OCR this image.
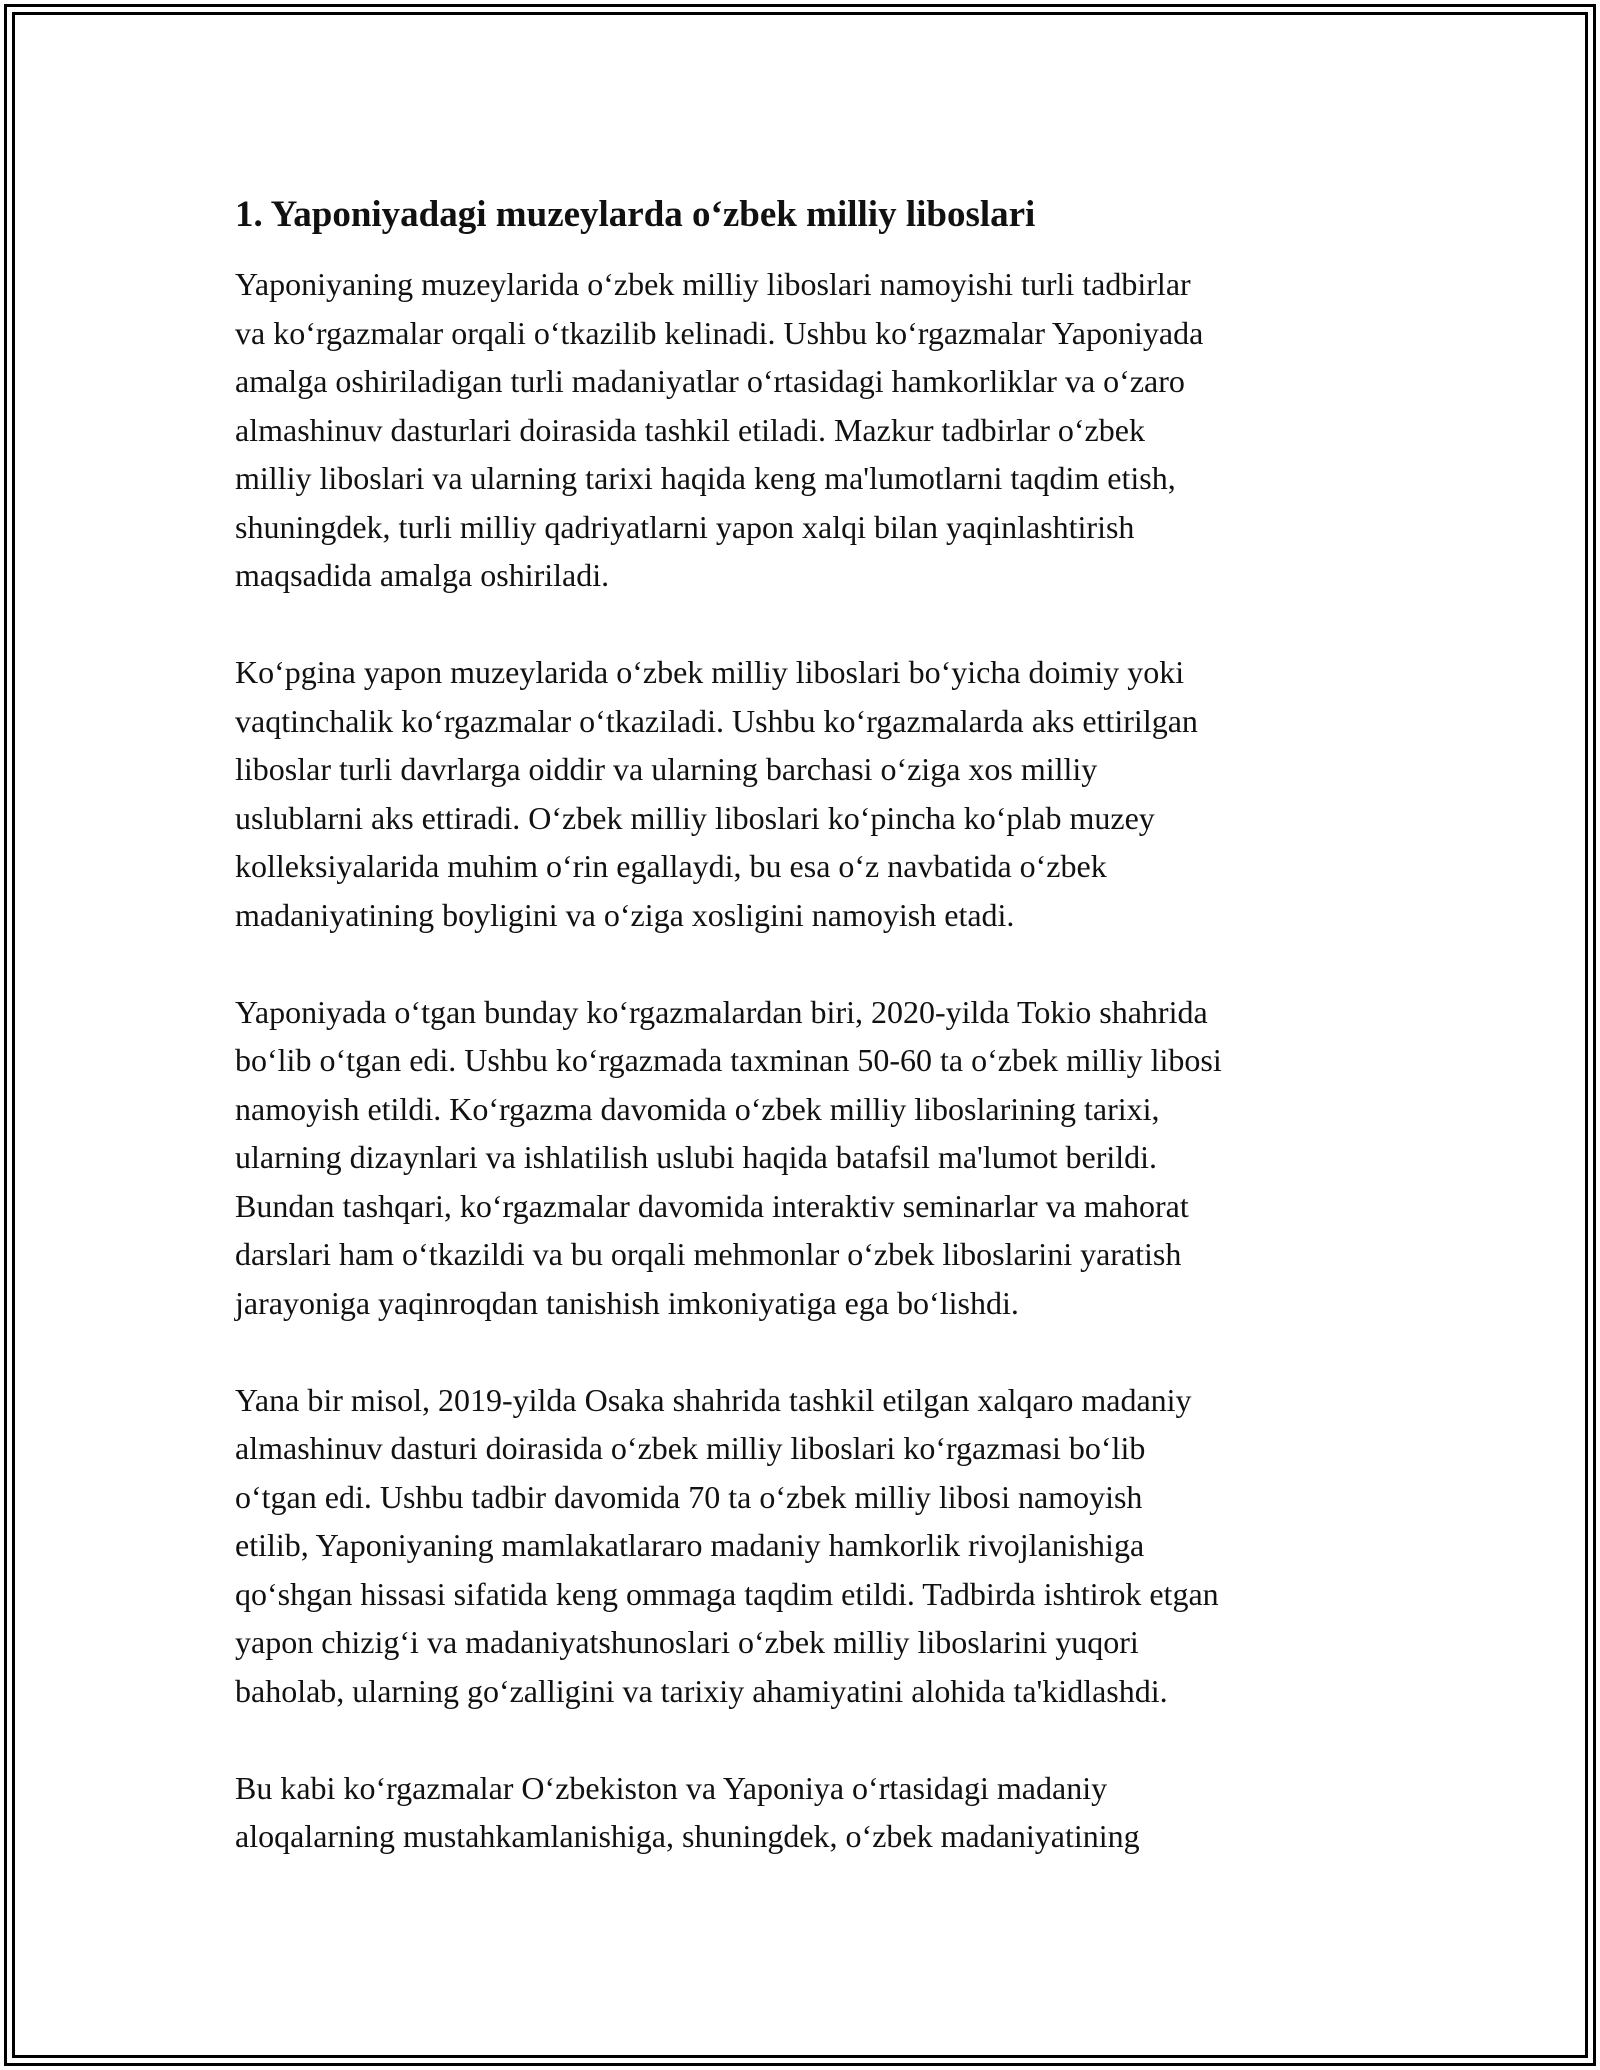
1. Yaponiyadagi muzeylarda o‘zbek milliy liboslari
Yaponiyaning muzeylarida o‘zbek milliy liboslari namoyishi turli tadbirlar
va ko‘rgazmalar orqali o‘tkazilib kelinadi. Ushbu ko‘rgazmalar Yaponiyada
amalga oshiriladigan turli madaniyatlar o‘rtasidagi hamkorliklar va o‘zaro
almashinuv dasturlari doirasida tashkil etiladi. Mazkur tadbirlar o‘zbek
milliy liboslari va ularning tarixi haqida keng ma'lumotlarni taqdim etish,
shuningdek, turli milliy qadriyatlarni yapon xalqi bilan yaqinlashtirish
maqsadida amalga oshiriladi.
Ko‘pgina yapon muzeylarida o‘zbek milliy liboslari bo‘yicha doimiy yoki
vaqtinchalik ko‘rgazmalar o‘tkaziladi. Ushbu ko‘rgazmalarda aks ettirilgan
liboslar turli davrlarga oiddir va ularning barchasi o‘ziga xos milliy
uslublarni aks ettiradi. O‘zbek milliy liboslari ko‘pincha ko‘plab muzey
kolleksiyalarida muhim o‘rin egallaydi, bu esa o‘z navbatida o‘zbek
madaniyatining boyligini va o‘ziga xosligini namoyish etadi.
Yaponiyada o‘tgan bunday ko‘rgazmalardan biri, 2020-yilda Tokio shahrida
bo‘lib o‘tgan edi. Ushbu ko‘rgazmada taxminan 50-60 ta o‘zbek milliy libosi
namoyish etildi. Ko‘rgazma davomida o‘zbek milliy liboslarining tarixi,
ularning dizaynlari va ishlatilish uslubi haqida batafsil ma'lumot berildi.
Bundan tashqari, ko‘rgazmalar davomida interaktiv seminarlar va mahorat
darslari ham o‘tkazildi va bu orqali mehmonlar o‘zbek liboslarini yaratish
jarayoniga yaqinroqdan tanishish imkoniyatiga ega bo‘lishdi.
Yana bir misol, 2019-yilda Osaka shahrida tashkil etilgan xalqaro madaniy
almashinuv dasturi doirasida o‘zbek milliy liboslari ko‘rgazmasi bo‘lib
o‘tgan edi. Ushbu tadbir davomida 70 ta o‘zbek milliy libosi namoyish
etilib, Yaponiyaning mamlakatlararo madaniy hamkorlik rivojlanishiga
qo‘shgan hissasi sifatida keng ommaga taqdim etildi. Tadbirda ishtirok etgan
yapon chizig‘i va madaniyatshunoslari o‘zbek milliy liboslarini yuqori
baholab, ularning go‘zalligini va tarixiy ahamiyatini alohida ta'kidlashdi.
Bu kabi ko‘rgazmalar O‘zbekiston va Yaponiya o‘rtasidagi madaniy
aloqalarning mustahkamlanishiga, shuningdek, o‘zbek madaniyatining
